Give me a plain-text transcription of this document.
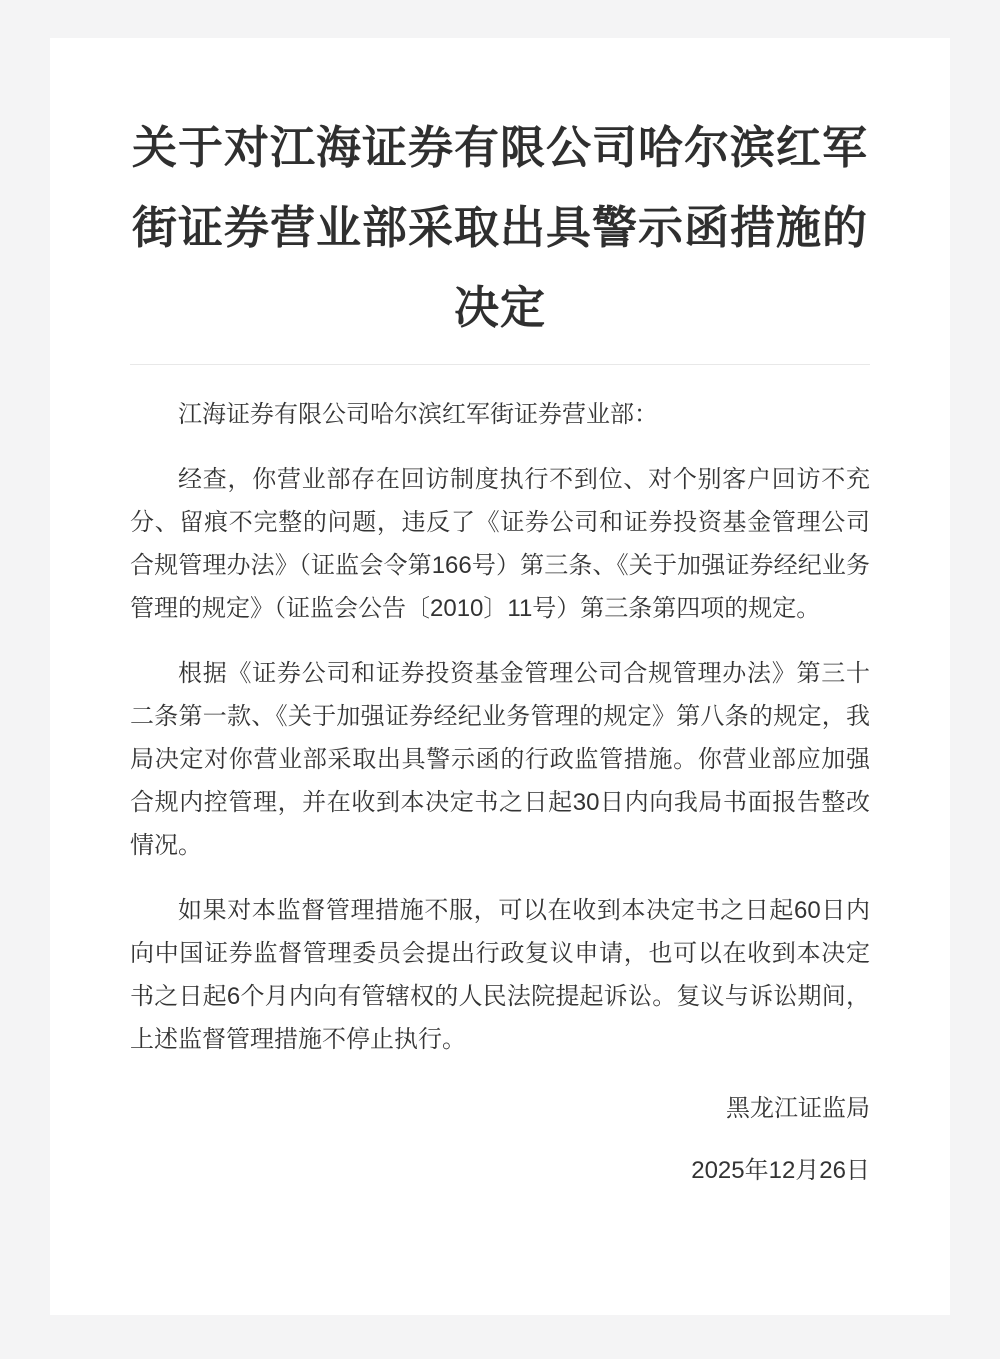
关于对江海证券有限公司哈尔滨红军街证券营业部采取出具警示函措施的决定

江海证券有限公司哈尔滨红军街证券营业部：

经查，你营业部存在回访制度执行不到位、对个别客户回访不充分、留痕不完整的问题，违反了《证券公司和证券投资基金管理公司合规管理办法》（证监会令第166号）第三条、《关于加强证券经纪业务管理的规定》（证监会公告〔2010〕11号）第三条第四项的规定。

根据《证券公司和证券投资基金管理公司合规管理办法》第三十二条第一款、《关于加强证券经纪业务管理的规定》第八条的规定，我局决定对你营业部采取出具警示函的行政监管措施。你营业部应加强合规内控管理，并在收到本决定书之日起30日内向我局书面报告整改情况。

如果对本监督管理措施不服，可以在收到本决定书之日起60日内向中国证券监督管理委员会提出行政复议申请，也可以在收到本决定书之日起6个月内向有管辖权的人民法院提起诉讼。复议与诉讼期间，上述监督管理措施不停止执行。

黑龙江证监局

2025年12月26日
